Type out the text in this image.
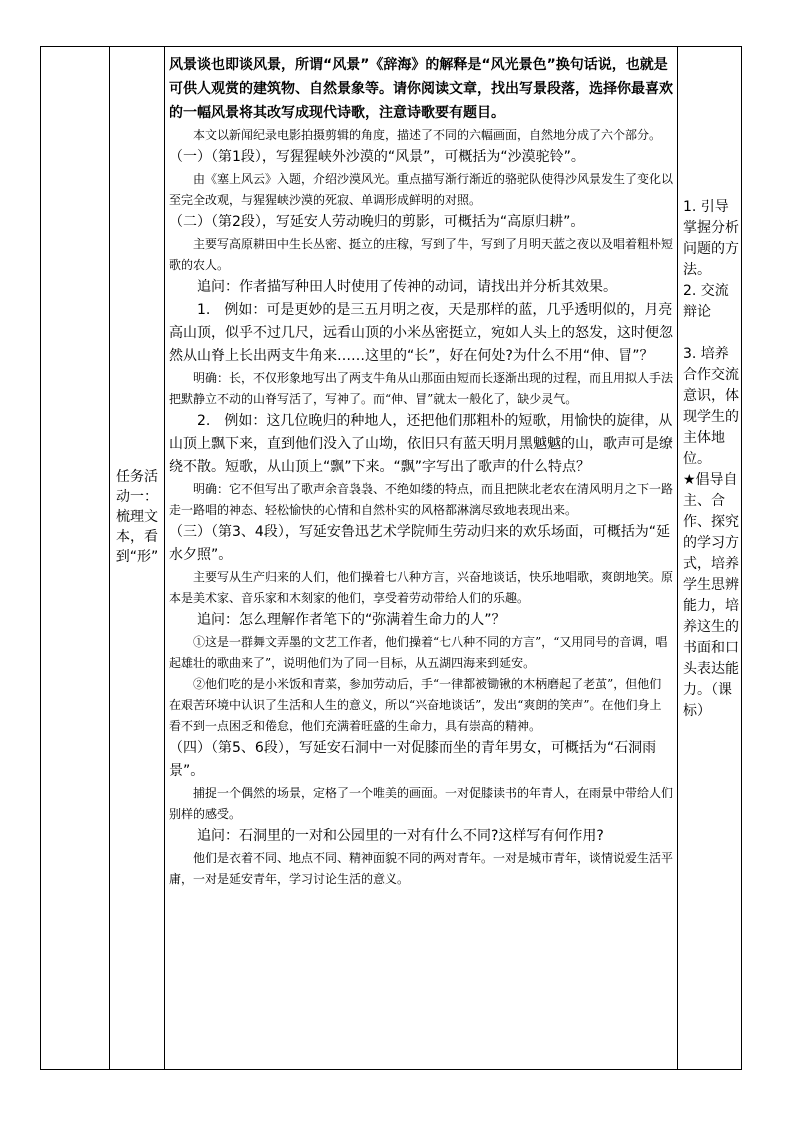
任务活动一：梳理文本，看到“形”

风景谈也即谈风景，所谓“风景”《辞海》的解释是“风光景色”换句话说，也就是可供人观赏的建筑物、自然景象等。请你阅读文章，找出写景段落，选择你最喜欢的一幅风景将其改写成现代诗歌，注意诗歌要有题目。

本文以新闻纪录电影拍摄剪辑的角度，描述了不同的六幅画面，自然地分成了六个部分。

（一）（第1段），写猩猩峡外沙漠的“风景”，可概括为“沙漠驼铃”。

由《塞上风云》入题，介绍沙漠风光。重点描写渐行渐近的骆驼队使得沙风景发生了变化以至完全改观，与猩猩峡沙漠的死寂、单调形成鲜明的对照。

（二）（第2段），写延安人劳动晚归的剪影，可概括为“高原归耕”。

主要写高原耕田中生长丛密、挺立的庄稼，写到了牛，写到了月明天蓝之夜以及唱着粗朴短歌的农人。

追问：作者描写种田人时使用了传神的动词，请找出并分析其效果。

1.　例如：可是更妙的是三五月明之夜，天是那样的蓝，几乎透明似的，月亮高山顶，似乎不过几尺，远看山顶的小米丛密挺立，宛如人头上的怒发，这时便忽然从山脊上长出两支牛角来……这里的“长”，好在何处?为什么不用“伸、冒”？

明确：长，不仅形象地写出了两支牛角从山那面由短而长逐渐出现的过程，而且用拟人手法把默静立不动的山脊写活了，写神了。而“伸、冒”就太一般化了，缺少灵气。

2.　例如：这几位晚归的种地人，还把他们那粗朴的短歌，用愉快的旋律，从山顶上飘下来，直到他们没入了山坳，依旧只有蓝天明月黑魆魆的山，歌声可是缭绕不散。短歌，从山顶上“飘”下来。“飘”字写出了歌声的什么特点？

明确：它不但写出了歌声余音袅袅、不绝如缕的特点，而且把陕北老农在清风明月之下一路走一路唱的神态、轻松愉快的心情和自然朴实的风格都淋漓尽致地表现出来。

（三）（第3、4段），写延安鲁迅艺术学院师生劳动归来的欢乐场面，可概括为“延水夕照”。

主要写从生产归来的人们，他们操着七八种方言，兴奋地谈话，快乐地唱歌，爽朗地笑。原本是美术家、音乐家和木刻家的他们，享受着劳动带给人们的乐趣。

追问：怎么理解作者笔下的“弥满着生命力的人”？

①这是一群舞文弄墨的文艺工作者，他们操着“七八种不同的方言”，“又用同号的音调，唱起雄壮的歌曲来了”，说明他们为了同一目标，从五湖四海来到延安。

②他们吃的是小米饭和青菜，参加劳动后，手“一律都被锄锹的木柄磨起了老茧”，但他们在艰苦环境中认识了生活和人生的意义，所以“兴奋地谈话”，发出“爽朗的笑声”。在他们身上看不到一点困乏和倦怠，他们充满着旺盛的生命力，具有崇高的精神。

（四）（第5、6段），写延安石洞中一对促膝而坐的青年男女，可概括为“石洞雨景”。

捕捉一个偶然的场景，定格了一个唯美的画面。一对促膝读书的年青人，在雨景中带给人们别样的感受。

追问：石洞里的一对和公园里的一对有什么不同?这样写有何作用?

他们是衣着不同、地点不同、精神面貌不同的两对青年。一对是城市青年，谈情说爱生活平庸，一对是延安青年，学习讨论生活的意义。

1. 引导掌握分析问题的方法。

2. 交流辩论

3. 培养合作交流意识，体现学生的主体地位。

★倡导自主、合作、探究的学习方式，培养学生思辨能力，培养这生的书面和口头表达能力。（课标）
